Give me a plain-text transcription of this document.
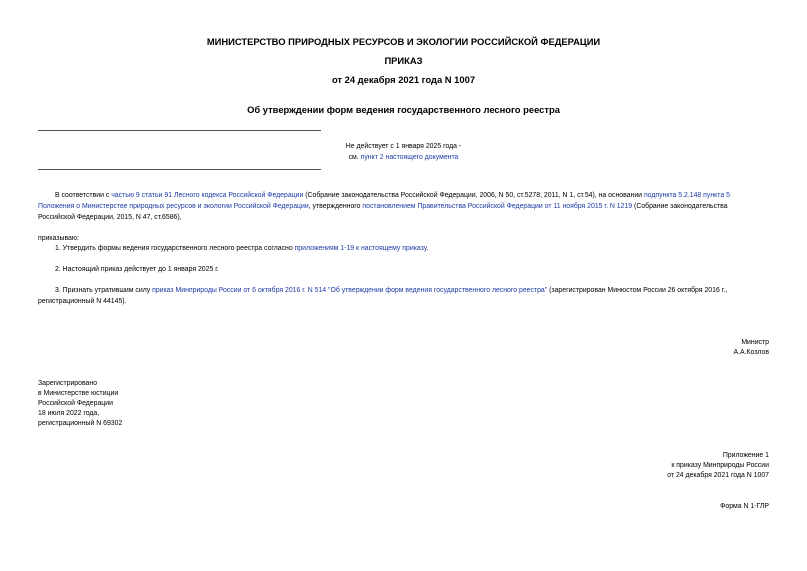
МИНИСТЕРСТВО ПРИРОДНЫХ РЕСУРСОВ И ЭКОЛОГИИ РОССИЙСКОЙ ФЕДЕРАЦИИ
ПРИКАЗ
от 24 декабря 2021 года N 1007
Об утверждении форм ведения государственного лесного реестра
Не действует с 1 января 2025 года -
см. пункт 2 настоящего документа
В соответствии с частью 9 статьи 91 Лесного кодекса Российской Федерации (Собрание законодательства Российской Федерации, 2006, N 50, ст.5278; 2011, N 1, ст.54), на основании подпункта 5.2.148 пункта 5
Положения о Министерстве природных ресурсов и экологии Российской Федерации, утвержденного постановлением Правительства Российской Федерации от 11 ноября 2015 г. N 1219 (Собрание законодательства
Российской Федерации, 2015, N 47, ст.6586),
приказываю:
1. Утвердить формы ведения государственного лесного реестра согласно приложениям 1-19 к настоящему приказу.
2. Настоящий приказ действует до 1 января 2025 г.
3. Признать утратившим силу приказ Минприроды России от 6 октября 2016 г. N 514 "Об утверждении форм ведения государственного лесного реестра" (зарегистрирован Минюстом России 26 октября 2016 г.,
регистрационный N 44145).
Министр
А.А.Козлов
Зарегистрировано
в Министерстве юстиции
Российской Федерации
18 июля 2022 года,
регистрационный N 69302
Приложение 1
к приказу Минприроды России
от 24 декабря 2021 года N 1007
Форма N 1-ГЛР
